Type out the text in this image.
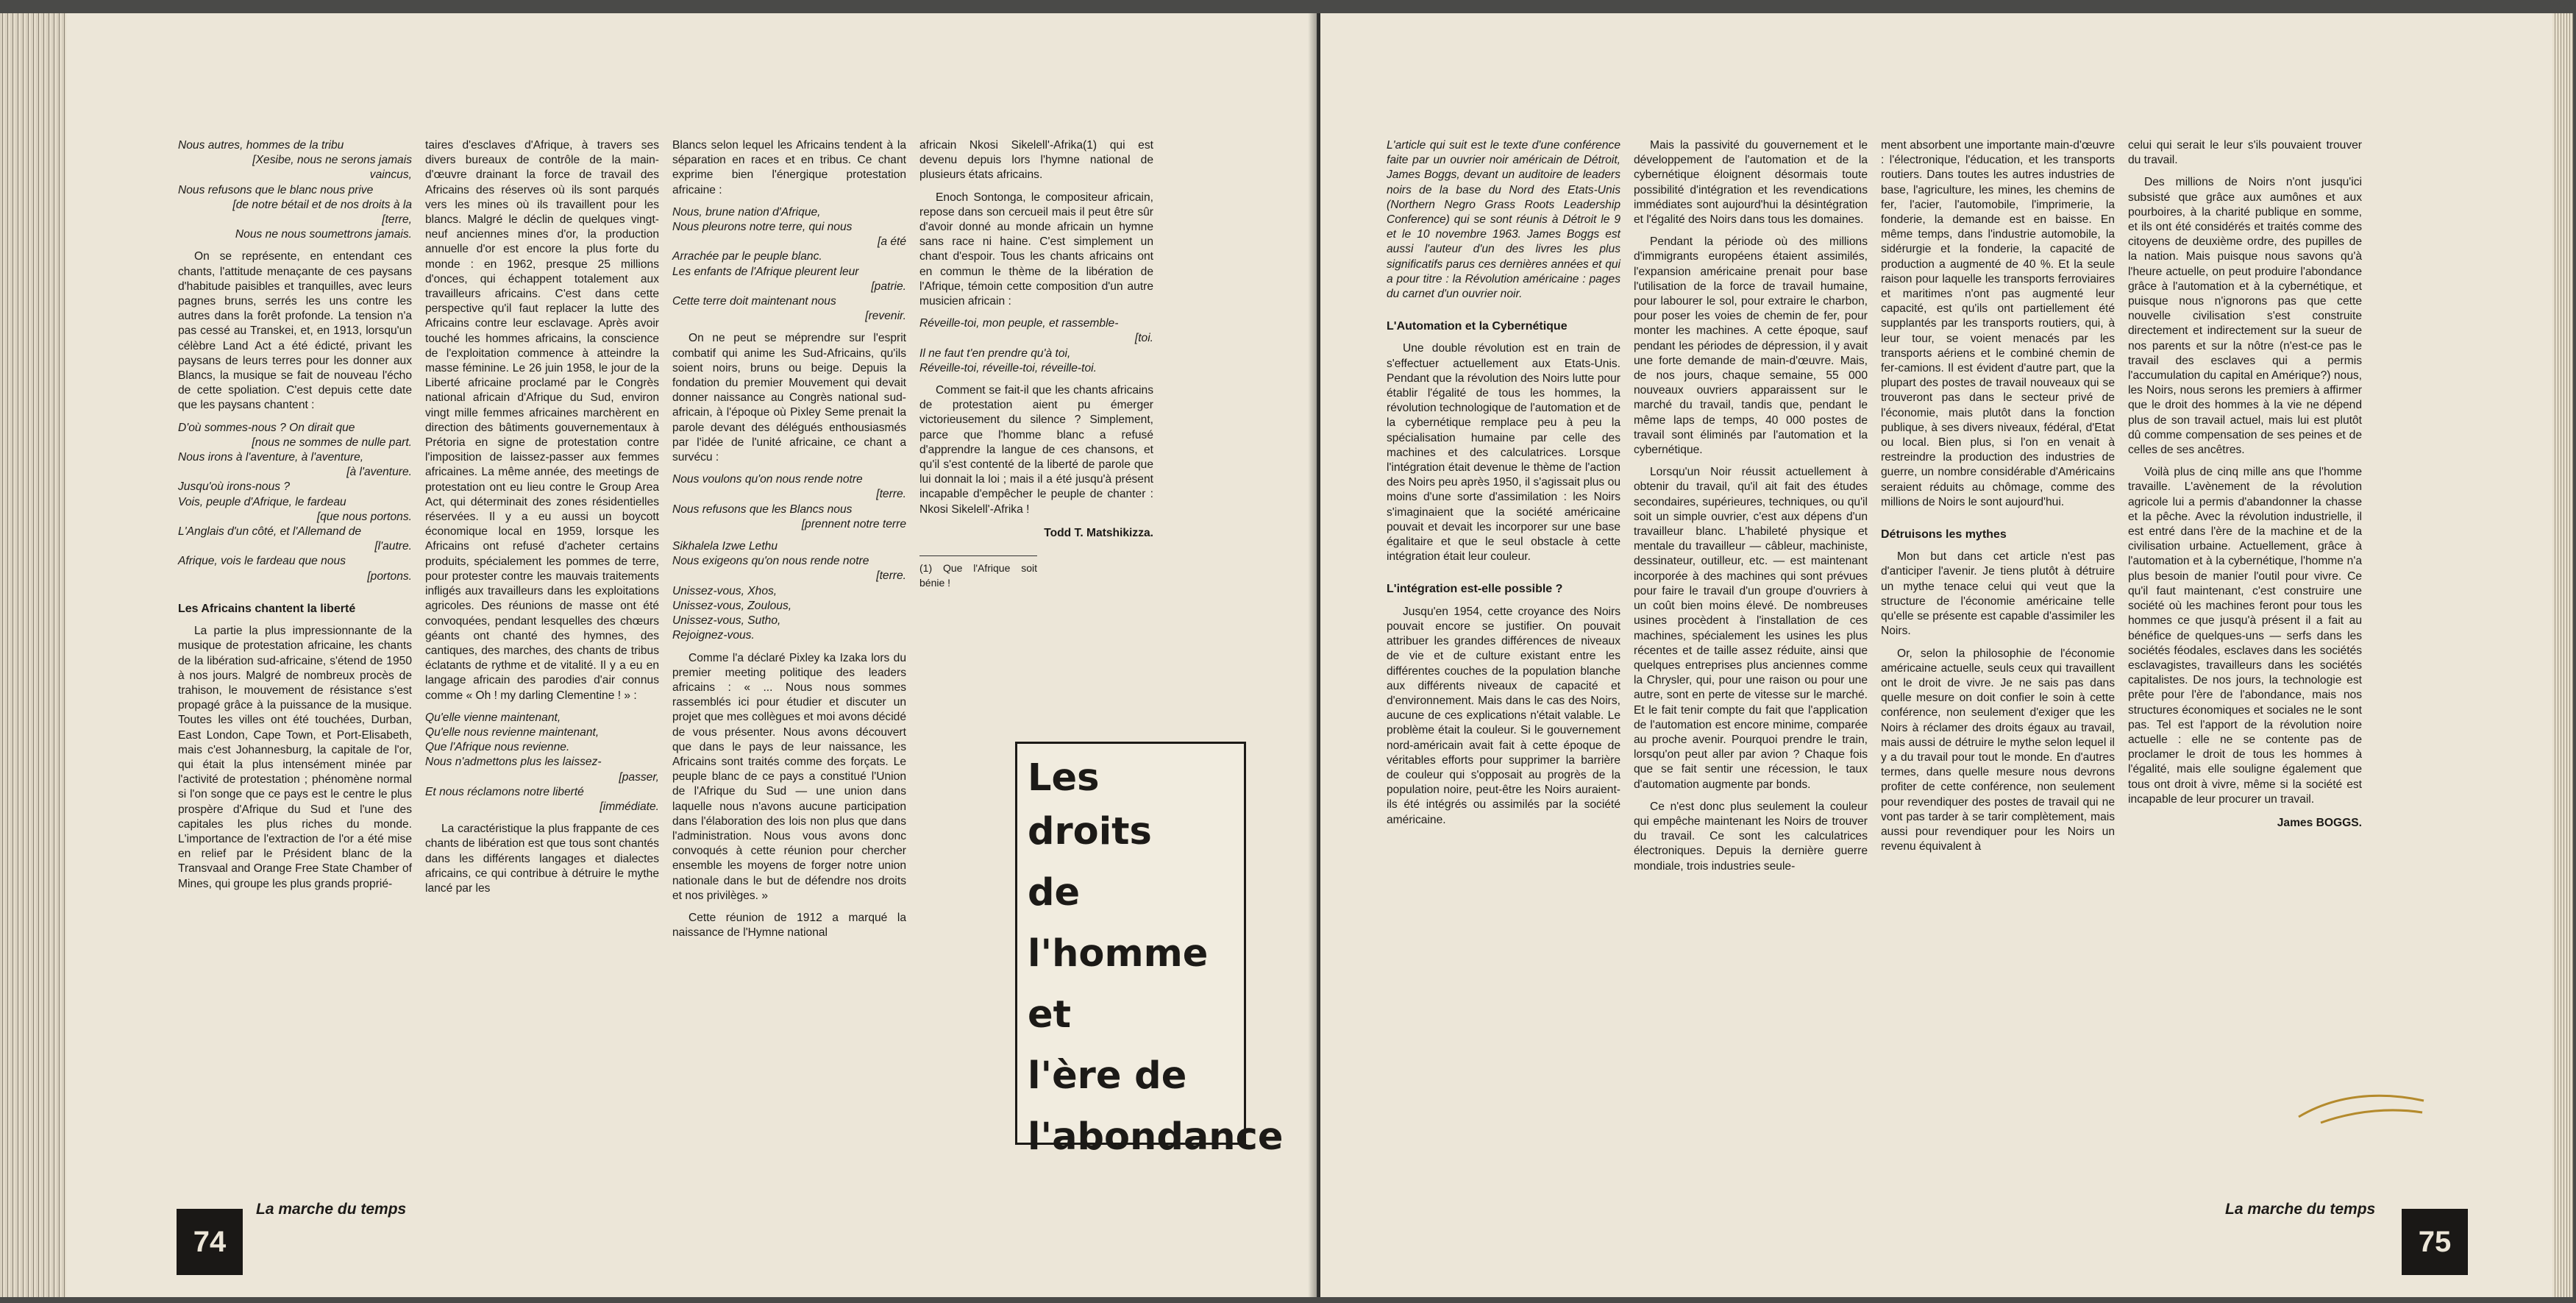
Nous autres, hommes de la tribu
[Xesibe, nous ne serons jamais
vaincus,
Nous refusons que le blanc nous prive
[de notre bétail et de nos droits à la
[terre,
Nous ne nous soumettrons jamais.

On se représente, en entendant ces chants, l'attitude menaçante de ces paysans d'habitude paisibles et tranquilles, avec leurs pagnes bruns, serrés les uns contre les autres dans la forêt profonde. La tension n'a pas cessé au Transkei, et, en 1913, lorsqu'un célèbre Land Act a été édicté, privant les paysans de leurs terres pour les donner aux Blancs, la musique se fait de nouveau l'écho de cette spoliation. C'est depuis cette date que les paysans chantent :

D'où sommes-nous ? On dirait que
[nous ne sommes de nulle part.
Nous irons à l'aventure, à l'aventure,
[à l'aventure.
Jusqu'où irons-nous ?
Vois, peuple d'Afrique, le fardeau
[que nous portons.
L'Anglais d'un côté, et l'Allemand de
[l'autre.
Afrique, vois le fardeau que nous
[portons.
Les Africains chantent la liberté

La partie la plus impressionnante de la musique de protestation africaine, les chants de la libération sud-africaine, s'étend de 1950 à nos jours. Malgré de nombreux procès de trahison, le mouvement de résistance s'est propagé grâce à la puissance de la musique. Toutes les villes ont été touchées, Durban, East London, Cape Town, et Port-Elisabeth, mais c'est Johannesburg, la capitale de l'or, qui était la plus intensément minée par l'activité de protestation ; phénomène normal si l'on songe que ce pays est le centre le plus prospère d'Afrique du Sud et l'une des capitales les plus riches du monde. L'importance de l'extraction de l'or a été mise en relief par le Président blanc de la Transvaal and Orange Free State Chamber of Mines, qui groupe les plus grands proprié-

taires d'esclaves d'Afrique, à travers ses divers bureaux de contrôle de la main-d'œuvre drainant la force de travail des Africains des réserves où ils sont parqués vers les mines où ils travaillent pour les blancs. Malgré le déclin de quelques vingt-neuf anciennes mines d'or, la production annuelle d'or est encore la plus forte du monde : en 1962, presque 25 millions d'onces, qui échappent totalement aux travailleurs africains. C'est dans cette perspective qu'il faut replacer la lutte des Africains contre leur esclavage. Après avoir touché les hommes africains, la conscience de l'exploitation commence à atteindre la masse féminine. Le 26 juin 1958, le jour de la Liberté africaine proclamé par le Congrès national africain d'Afrique du Sud, environ vingt mille femmes africaines marchèrent en direction des bâtiments gouvernementaux à Prétoria en signe de protestation contre l'imposition de laissez-passer aux femmes africaines. La même année, des meetings de protestation ont eu lieu contre le Group Area Act, qui déterminait des zones résidentielles réservées. Il y a eu aussi un boycott économique local en 1959, lorsque les Africains ont refusé d'acheter certains produits, spécialement les pommes de terre, pour protester contre les mauvais traitements infligés aux travailleurs dans les exploitations agricoles. Des réunions de masse ont été convoquées, pendant lesquelles des chœurs géants ont chanté des hymnes, des cantiques, des marches, des chants de tribus éclatants de rythme et de vitalité. Il y a eu en langage africain des parodies d'air connus comme « Oh ! my darling Clementine ! » :

Qu'elle vienne maintenant,
Qu'elle nous revienne maintenant,
Que l'Afrique nous revienne.
Nous n'admettons plus les laissez-
[passer,
Et nous réclamons notre liberté
[immédiate.

La caractéristique la plus frappante de ces chants de libération est que tous sont chantés dans les différents langages et dialectes africains, ce qui contribue à détruire le mythe lancé par les

Blancs selon lequel les Africains tendent à la séparation en races et en tribus. Ce chant exprime bien l'énergique protestation africaine :

Nous, brune nation d'Afrique,
Nous pleurons notre terre, qui nous
[a été
Arrachée par le peuple blanc.
Les enfants de l'Afrique pleurent leur
[patrie.
Cette terre doit maintenant nous
[revenir.

On ne peut se méprendre sur l'esprit combatif qui anime les Sud-Africains, qu'ils soient noirs, bruns ou beige. Depuis la fondation du premier Mouvement qui devait donner naissance au Congrès national sud-africain, à l'époque où Pixley Seme prenait la parole devant des délégués enthousiasmés par l'idée de l'unité africaine, ce chant a survécu :

Nous voulons qu'on nous rende notre
[terre.
Nous refusons que les Blancs nous
[prennent notre terre
Sikhalela Izwe Lethu
Nous exigeons qu'on nous rende notre
[terre.
Unissez-vous, Xhos,
Unissez-vous, Zoulous,
Unissez-vous, Sutho,
Rejoignez-vous.

Comme l'a déclaré Pixley ka Izaka lors du premier meeting politique des leaders africains : « ... Nous nous sommes rassemblés ici pour étudier et discuter un projet que mes collègues et moi avons décidé de vous présenter. Nous avons découvert que dans le pays de leur naissance, les Africains sont traités comme des forçats. Le peuple blanc de ce pays a constitué l'Union de l'Afrique du Sud — une union dans laquelle nous n'avons aucune participation dans l'élaboration des lois non plus que dans l'administration. Nous vous avons donc convoqués à cette réunion pour chercher ensemble les moyens de forger notre union nationale dans le but de défendre nos droits et nos privilèges. »

Cette réunion de 1912 a marqué la naissance de l'Hymne national

africain Nkosi Sikelell'-Afrika(1) qui est devenu depuis lors l'hymne national de plusieurs états africains.

Enoch Sontonga, le compositeur africain, repose dans son cercueil mais il peut être sûr d'avoir donné au monde africain un hymne sans race ni haine. C'est simplement un chant d'espoir. Tous les chants africains ont en commun le thème de la libération de l'Afrique, témoin cette composition d'un autre musicien africain :

Réveille-toi, mon peuple, et rassemble-
[toi.
Il ne faut t'en prendre qu'à toi,
Réveille-toi, réveille-toi, réveille-toi.

Comment se fait-il que les chants africains de protestation aient pu émerger victorieusement du silence ? Simplement, parce que l'homme blanc a refusé d'apprendre la langue de ces chansons, et qu'il s'est contenté de la liberté de parole que lui donnait la loi ; mais il a été jusqu'à présent incapable d'empêcher le peuple de chanter : Nkosi Sikelell'-Afrika !

Todd T. Matshikizza.
(1) Que l'Afrique soit bénie !
Les droits
de
l'homme
et
l'ère de
l'abondance
74
La marche du temps

L'article qui suit est le texte d'une conférence faite par un ouvrier noir américain de Détroit, James Boggs, devant un auditoire de leaders noirs de la base du Nord des Etats-Unis (Northern Negro Grass Roots Leadership Conference) qui se sont réunis à Détroit le 9 et le 10 novembre 1963. James Boggs est aussi l'auteur d'un des livres les plus significatifs parus ces dernières années et qui a pour titre : la Révolution américaine : pages du carnet d'un ouvrier noir.

L'Automation et la Cybernétique

Une double révolution est en train de s'effectuer actuellement aux Etats-Unis. Pendant que la révolution des Noirs lutte pour établir l'égalité de tous les hommes, la révolution technologique de l'automation et de la cybernétique remplace peu à peu la spécialisation humaine par celle des machines et des calculatrices. Lorsque l'intégration était devenue le thème de l'action des Noirs peu après 1950, il s'agissait plus ou moins d'une sorte d'assimilation : les Noirs s'imaginaient que la société américaine pouvait et devait les incorporer sur une base égalitaire et que le seul obstacle à cette intégration était leur couleur.

L'intégration est-elle possible ?

Jusqu'en 1954, cette croyance des Noirs pouvait encore se justifier. On pouvait attribuer les grandes différences de niveaux de vie et de culture existant entre les différentes couches de la population blanche aux différents niveaux de capacité et d'environnement. Mais dans le cas des Noirs, aucune de ces explications n'était valable. Le problème était la couleur. Si le gouvernement nord-américain avait fait à cette époque de véritables efforts pour supprimer la barrière de couleur qui s'opposait au progrès de la population noire, peut-être les Noirs auraient-ils été intégrés ou assimilés par la société américaine.

Mais la passivité du gouvernement et le développement de l'automation et de la cybernétique éloignent désormais toute possibilité d'intégration et les revendications immédiates sont aujourd'hui la désintégration et l'égalité des Noirs dans tous les domaines.

Pendant la période où des millions d'immigrants européens étaient assimilés, l'expansion américaine prenait pour base l'utilisation de la force de travail humaine, pour labourer le sol, pour extraire le charbon, pour poser les voies de chemin de fer, pour monter les machines. A cette époque, sauf pendant les périodes de dépression, il y avait une forte demande de main-d'œuvre. Mais, de nos jours, chaque semaine, 55 000 nouveaux ouvriers apparaissent sur le marché du travail, tandis que, pendant le même laps de temps, 40 000 postes de travail sont éliminés par l'automation et la cybernétique.

Lorsqu'un Noir réussit actuellement à obtenir du travail, qu'il ait fait des études secondaires, supérieures, techniques, ou qu'il soit un simple ouvrier, c'est aux dépens d'un travailleur blanc. L'habileté physique et mentale du travailleur — câbleur, machiniste, dessinateur, outilleur, etc. — est maintenant incorporée à des machines qui sont prévues pour faire le travail d'un groupe d'ouvriers à un coût bien moins élevé. De nombreuses usines procèdent à l'installation de ces machines, spécialement les usines les plus récentes et de taille assez réduite, ainsi que quelques entreprises plus anciennes comme la Chrysler, qui, pour une raison ou pour une autre, sont en perte de vitesse sur le marché. Et le fait tenir compte du fait que l'application de l'automation est encore minime, comparée au proche avenir. Pourquoi prendre le train, lorsqu'on peut aller par avion ? Chaque fois que se fait sentir une récession, le taux d'automation augmente par bonds.

Ce n'est donc plus seulement la couleur qui empêche maintenant les Noirs de trouver du travail. Ce sont les calculatrices électroniques. Depuis la dernière guerre mondiale, trois industries seule-

ment absorbent une importante main-d'œuvre : l'électronique, l'éducation, et les transports routiers. Dans toutes les autres industries de base, l'agriculture, les mines, les chemins de fer, l'acier, l'automobile, l'imprimerie, la fonderie, la demande est en baisse. En même temps, dans l'industrie automobile, la sidérurgie et la fonderie, la capacité de production a augmenté de 40 %. Et la seule raison pour laquelle les transports ferroviaires et maritimes n'ont pas augmenté leur capacité, est qu'ils ont partiellement été supplantés par les transports routiers, qui, à leur tour, se voient menacés par les transports aériens et le combiné chemin de fer-camions. Il est évident d'autre part, que la plupart des postes de travail nouveaux qui se trouveront pas dans le secteur privé de l'économie, mais plutôt dans la fonction publique, à ses divers niveaux, fédéral, d'Etat ou local. Bien plus, si l'on en venait à restreindre la production des industries de guerre, un nombre considérable d'Américains seraient réduits au chômage, comme des millions de Noirs le sont aujourd'hui.

Détruisons les mythes

Mon but dans cet article n'est pas d'anticiper l'avenir. Je tiens plutôt à détruire un mythe tenace celui qui veut que la structure de l'économie américaine telle qu'elle se présente est capable d'assimiler les Noirs.

Or, selon la philosophie de l'économie américaine actuelle, seuls ceux qui travaillent ont le droit de vivre. Je ne sais pas dans quelle mesure on doit confier le soin à cette conférence, non seulement d'exiger que les Noirs à réclamer des droits égaux au travail, mais aussi de détruire le mythe selon lequel il y a du travail pour tout le monde. En d'autres termes, dans quelle mesure nous devrons profiter de cette conférence, non seulement pour revendiquer des postes de travail qui ne vont pas tarder à se tarir complètement, mais aussi pour revendiquer pour les Noirs un revenu équivalent à

celui qui serait le leur s'ils pouvaient trouver du travail.

Des millions de Noirs n'ont jusqu'ici subsisté que grâce aux aumônes et aux pourboires, à la charité publique en somme, et ils ont été considérés et traités comme des citoyens de deuxième ordre, des pupilles de la nation. Mais puisque nous savons qu'à l'heure actuelle, on peut produire l'abondance grâce à l'automation et à la cybernétique, et puisque nous n'ignorons pas que cette nouvelle civilisation s'est construite directement et indirectement sur la sueur de nos parents et sur la nôtre (n'est-ce pas le travail des esclaves qui a permis l'accumulation du capital en Amérique?) nous, les Noirs, nous serons les premiers à affirmer que le droit des hommes à la vie ne dépend plus de son travail actuel, mais lui est plutôt dû comme compensation de ses peines et de celles de ses ancêtres.

Voilà plus de cinq mille ans que l'homme travaille. L'avènement de la révolution agricole lui a permis d'abandonner la chasse et la pêche. Avec la révolution industrielle, il est entré dans l'ère de la machine et de la civilisation urbaine. Actuellement, grâce à l'automation et à la cybernétique, l'homme n'a plus besoin de manier l'outil pour vivre. Ce qu'il faut maintenant, c'est construire une société où les machines feront pour tous les hommes ce que jusqu'à présent il a fait au bénéfice de quelques-uns — serfs dans les sociétés féodales, esclaves dans les sociétés esclavagistes, travailleurs dans les sociétés capitalistes. De nos jours, la technologie est prête pour l'ère de l'abondance, mais nos structures économiques et sociales ne le sont pas. Tel est l'apport de la révolution noire actuelle : elle ne se contente pas de proclamer le droit de tous les hommes à l'égalité, mais elle souligne également que tous ont droit à vivre, même si la société est incapable de leur procurer un travail.

James BOGGS.
75
La marche du temps
